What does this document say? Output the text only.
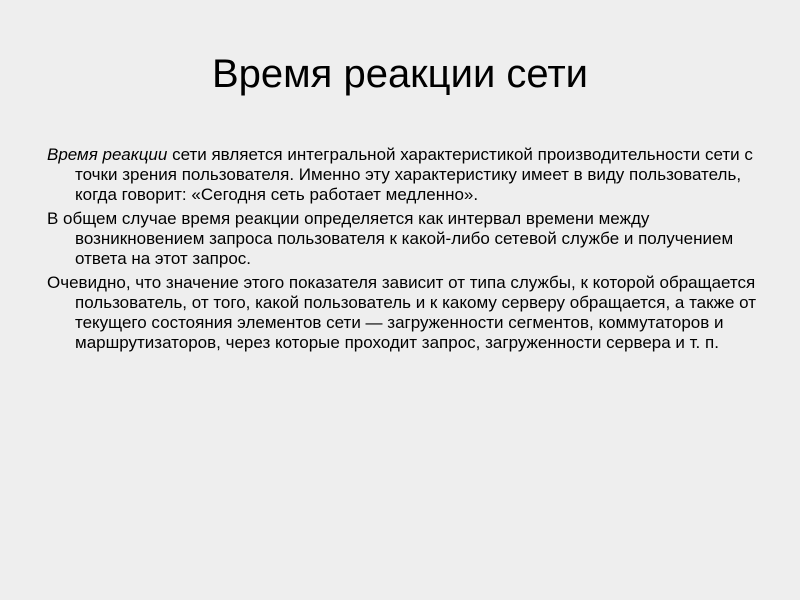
Время реакции сети

Время реакции сети является интегральной характеристикой производительности сети с точки зрения пользователя. Именно эту характеристику имеет в виду пользователь, когда говорит: «Сегодня сеть работает медленно».

В общем случае время реакции определяется как интервал времени между возникновением запроса пользователя к какой-либо сетевой службе и получением ответа на этот запрос.

Очевидно, что значение этого показателя зависит от типа службы, к которой обращается пользователь, от того, какой пользователь и к какому серверу обращается, а также от текущего состояния элементов сети — загруженности сегментов, коммутаторов и маршрутизаторов, через которые проходит запрос, загруженности сервера и т. п.
